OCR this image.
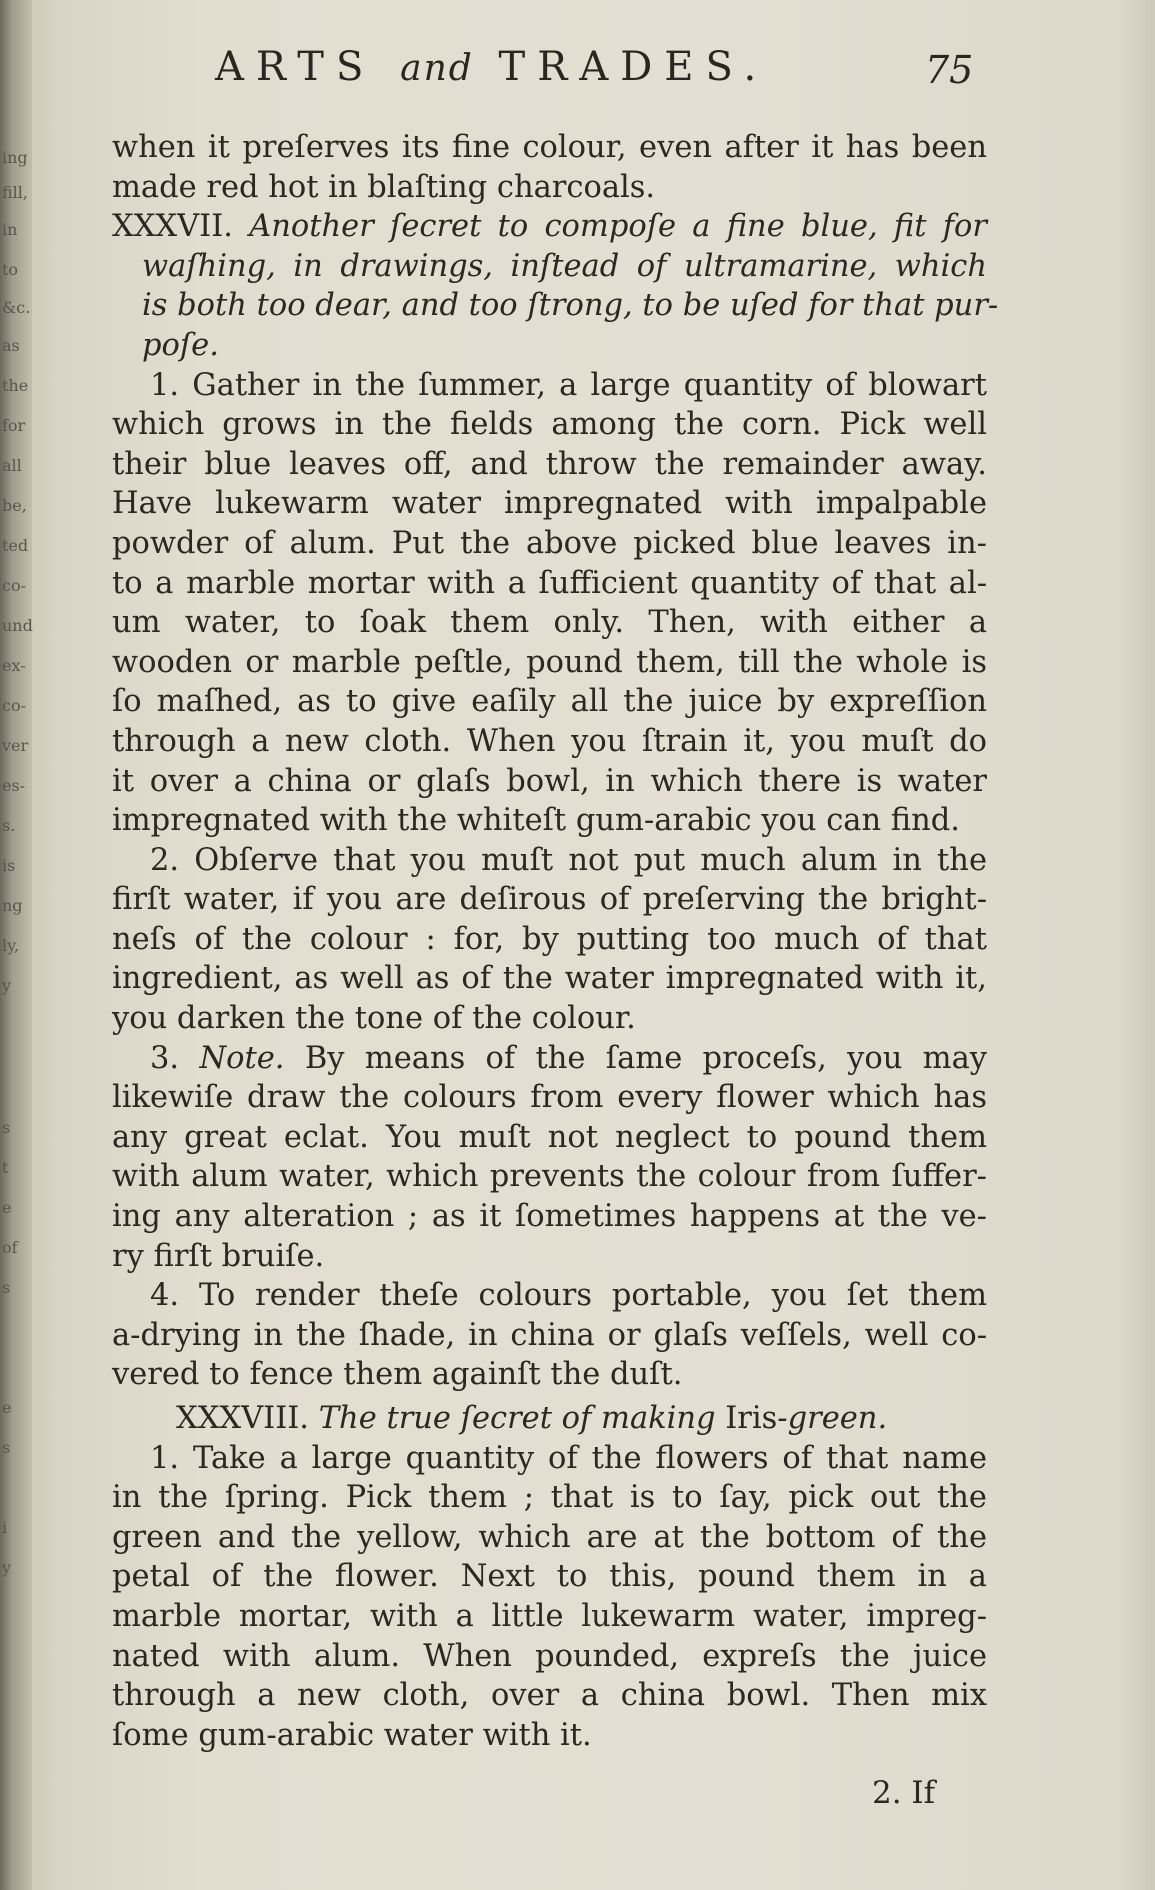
ing
fill,
in
to
&c.
as
the
for
all
be,
ted
co-
und
ex-
co-
ver
es-
s.
is
ng
ly,
y
s
t
e
of
s
e
s
i
y
ARTS and TRADES.	75
when it preſerves its fine colour, even after it has been
made red hot in blaſting charcoals.
XXXVII. Another ſecret to compoſe a fine blue, fit for
waſhing, in drawings, inſtead of ultramarine, which
is both too dear, and too ſtrong, to be uſed for that pur-
poſe.
1. Gather in the ſummer, a large quantity of blowart
which grows in the fields among the corn. Pick well
their blue leaves off, and throw the remainder away.
Have lukewarm water impregnated with impalpable
powder of alum. Put the above picked blue leaves in-
to a marble mortar with a ſufficient quantity of that al-
um water, to ſoak them only. Then, with either a
wooden or marble peſtle, pound them, till the whole is
ſo maſhed, as to give eaſily all the juice by expreſſion
through a new cloth. When you ſtrain it, you muſt do
it over a china or glaſs bowl, in which there is water
impregnated with the whiteſt gum-arabic you can find.
2. Obſerve that you muſt not put much alum in the
firſt water, if you are deſirous of preſerving the bright-
neſs of the colour : for, by putting too much of that
ingredient, as well as of the water impregnated with it,
you darken the tone of the colour.
3. Note. By means of the ſame proceſs, you may
likewiſe draw the colours from every flower which has
any great eclat. You muſt not neglect to pound them
with alum water, which prevents the colour from ſuffer-
ing any alteration ; as it ſometimes happens at the ve-
ry firſt bruiſe.
4. To render theſe colours portable, you ſet them
a-drying in the ſhade, in china or glaſs veſſels, well co-
vered to fence them againſt the duſt.
XXXVIII. The true ſecret of making Iris-green.
1. Take a large quantity of the flowers of that name
in the ſpring. Pick them ; that is to ſay, pick out the
green and the yellow, which are at the bottom of the
petal of the flower. Next to this, pound them in a
marble mortar, with a little lukewarm water, impreg-
nated with alum. When pounded, expreſs the juice
through a new cloth, over a china bowl. Then mix
ſome gum-arabic water with it.
2. If
